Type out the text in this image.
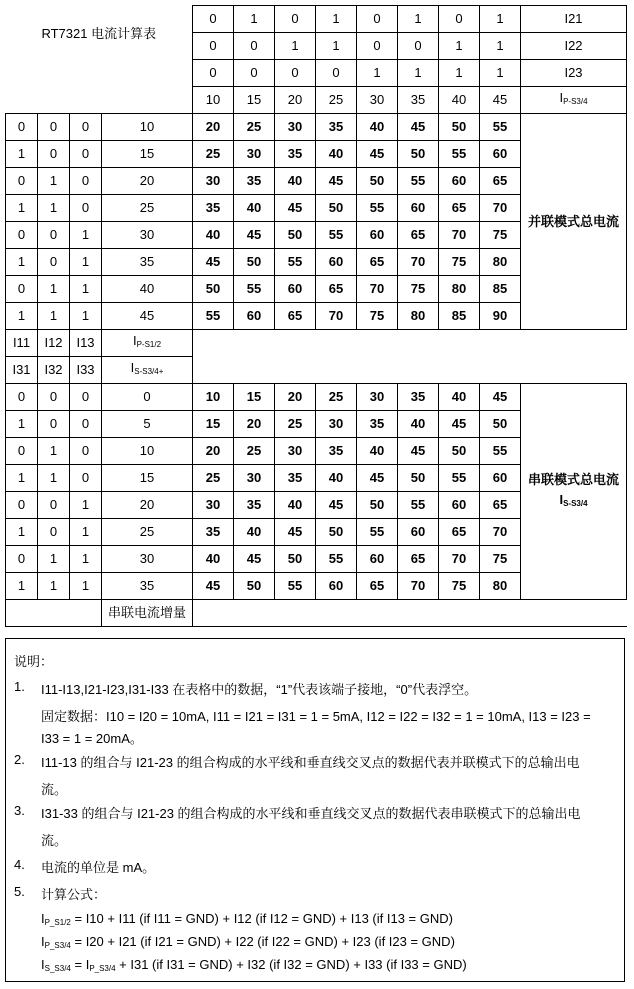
RT7321 电流计算表				0	1	0	1	0	1	0	1	I21
				0	0	1	1	0	0	1	1	I22
				0	0	0	0	1	1	1	1	I23
				10	15	20	25	30	35	40	45	$I_{P-S3/4}$
0	0	0	10	20	25	30	35	40	45	50	55	并联模式总电流
1	0	0	15	25	30	35	40	45	50	55	60	
0	1	0	20	30	35	40	45	50	55	60	65	
1	1	0	25	35	40	45	50	55	60	65	70	
0	0	1	30	40	45	50	55	60	65	70	75	
1	0	1	35	45	50	55	60	65	70	75	80	
0	1	1	40	50	55	60	65	70	75	80	85	
1	1	1	45	55	60	65	70	75	80	85	90	
I11	I12	I13	$I_{P-S1/2}$	
I31	I32	I33	$I_{S-S3/4+}$
0	0	0	0	10	15	20	25	30	35	40	45	串联模式总电流
$I_{S-S3/4}$

1	0	0	5	15	20	25	30	35	40	45	50	
0	1	0	10	20	25	30	35	40	45	50	55	
1	1	0	15	25	30	35	40	45	50	55	60	
0	0	1	20	30	35	40	45	50	55	60	65	
1	0	1	25	35	40	45	50	55	60	65	70	
0	1	1	30	40	45	50	55	60	65	70	75	
1	1	1	35	45	50	55	60	65	70	75	80	
			串联电流增量									
说明：
1. I11-I13,I21-I23,I31-I33 在表格中的数据，“1”代表该端子接地，“0”代表浮空。
固定数据：I10 = I20 = 10mA, I11 = I21 = I31 = 1 = 5mA, I12 = I22 = I32 = 1 = 10mA, I13 = I23 =
I33 = 1 = 20mA。
2. I11-13 的组合与 I21-23 的组合构成的水平线和垂直线交叉点的数据代表并联模式下的总输出电
流。
3. I31-33 的组合与 I21-23 的组合构成的水平线和垂直线交叉点的数据代表串联模式下的总输出电
流。
4. 电流的单位是 mA。
5. 计算公式：
$I_{P\_S1/2} = I10 + I11$ (if I11 = GND) + I12 (if I12 = GND) + I13 (if I13 = GND)
$I_{P\_S3/4} = I20 + I21$ (if I21 = GND) + I22 (if I22 = GND) + I23 (if I23 = GND)
$I_{S\_S3/4} = I_{P\_S3/4} + I31$ (if I31 = GND) + I32 (if I32 = GND) + I33 (if I33 = GND)
